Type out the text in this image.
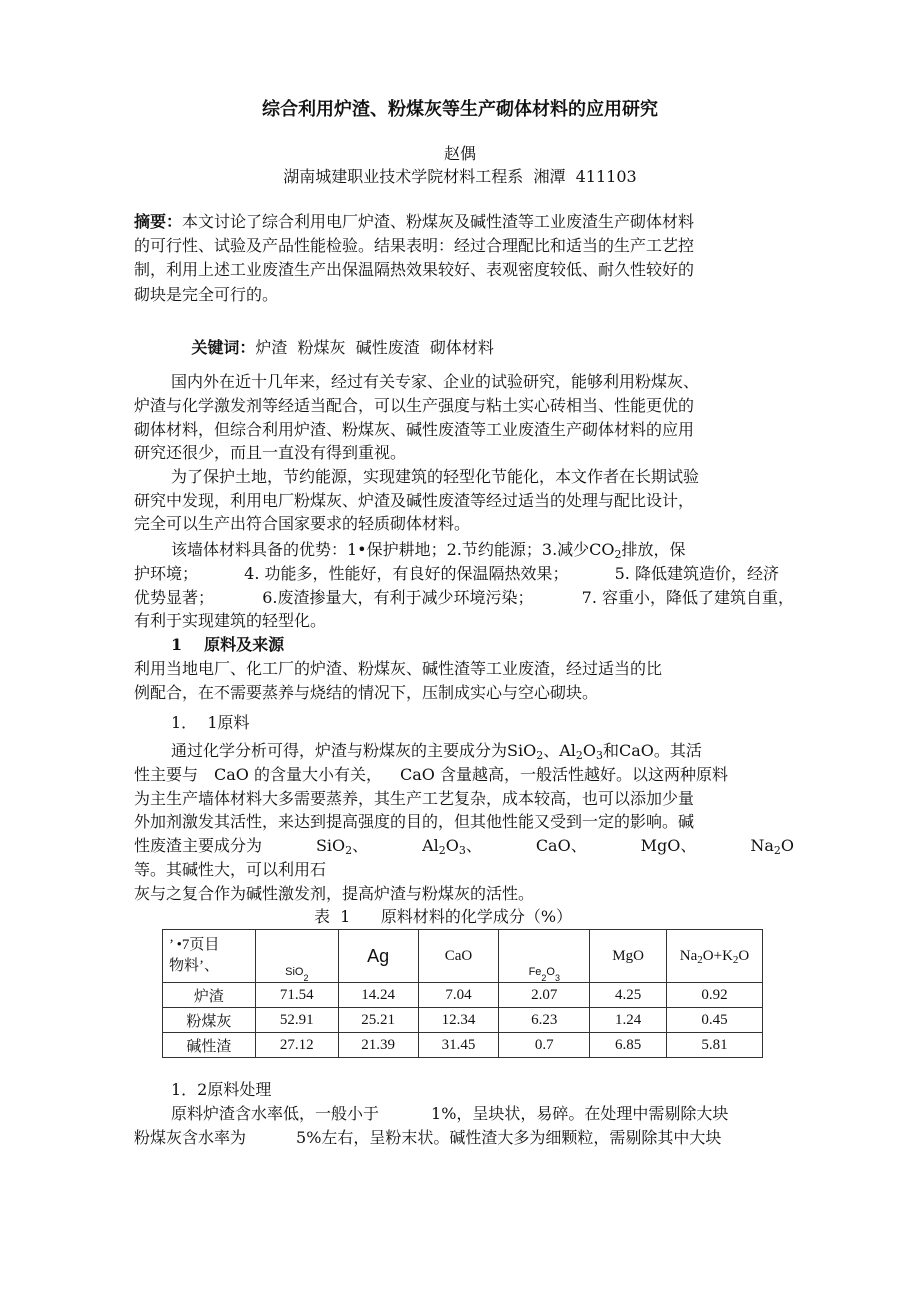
综合利用炉渣、粉煤灰等生产砌体材料的应用研究
赵偶
湖南城建职业技术学院材料工程系  湘潭  411103
摘要：本文讨论了综合利用电厂炉渣、粉煤灰及碱性渣等工业废渣生产砌体材料
的可行性、试验及产品性能检验。结果表明：经过合理配比和适当的生产工艺控
制，利用上述工业废渣生产出保温隔热效果较好、表观密度较低、耐久性较好的
砌块是完全可行的。

关键词：炉渣  粉煤灰  碱性废渣  砌体材料

国内外在近十几年来，经过有关专家、企业的试验研究，能够利用粉煤灰、
炉渣与化学激发剂等经适当配合，可以生产强度与粘土实心砖相当、性能更优的
砌体材料，但综合利用炉渣、粉煤灰、碱性废渣等工业废渣生产砌体材料的应用
研究还很少，而且一直没有得到重视。
为了保护土地，节约能源，实现建筑的轻型化节能化，本文作者在长期试验
研究中发现，利用电厂粉煤灰、炉渣及碱性废渣等经过适当的处理与配比设计，
完全可以生产出符合国家要求的轻质砌体材料。
该墙体材料具备的优势：1•保护耕地；2.节约能源；3.减少$CO_2$排放，保
护环境；	4. 功能多，性能好，有良好的保温隔热效果；	5. 降低建筑造价，经济
优势显著；	6.废渣掺量大，有利于减少环境污染；	7. 容重小，降低了建筑自重，
有利于实现建筑的轻型化。
1 原料及来源
利用当地电厂、化工厂的炉渣、粉煤灰、碱性渣等工业废渣，经过适当的比
例配合，在不需要蒸养与烧结的情况下，压制成实心与空心砌块。
1．  1原料
通过化学分析可得，炉渣与粉煤灰的主要成分为SiO$_2$、$Al_2O_3$和CaO。其活
性主要与 CaO 的含量大小有关， CaO 含量越高，一般活性越好。以这两种原料
为主生产墙体材料大多需要蒸养，其生产工艺复杂，成本较高，也可以添加少量
外加剂激发其活性，来达到提高强度的目的，但其他性能又受到一定的影响。碱
性废渣主要成分为	SiO$_2$、	$Al_2O_3$、	CaO、	MgO、	$Na_2O$
等。其碱性大，可以利用石
灰与之复合作为碱性激发剂，提高炉渣与粉煤灰的活性。
表  1      原料材料的化学成分（%）
’ •7页目
物料’、	SiO2	Ag	CaO	Fe2O3	MgO	$Na_2O+K_2O$
炉渣	71.54	14.24	7.04	2.07	4.25	0.92
粉煤灰	52.91	25.21	12.34	6.23	1.24	0.45
碱性渣	27.12	21.39	31.45	0.7	6.85	5.81
1．2原料处理
原料炉渣含水率低，一般小于	1%，呈块状，易碎。在处理中需剔除大块
粉煤灰含水率为	5%左右，呈粉末状。碱性渣大多为细颗粒，需剔除其中大块
